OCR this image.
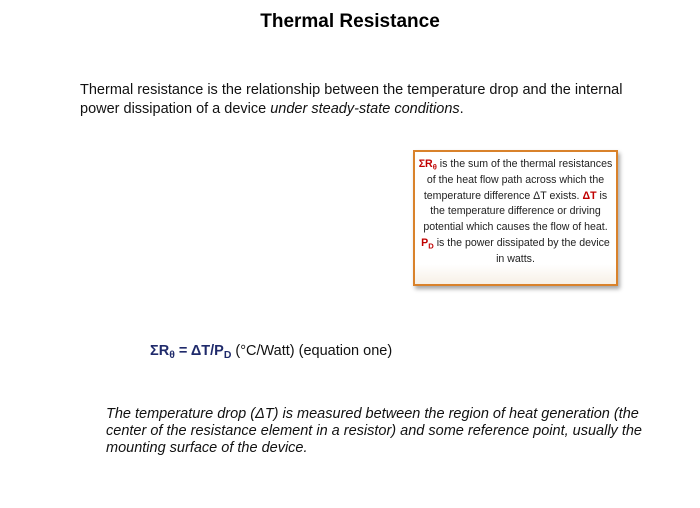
Thermal Resistance
Thermal resistance is the relationship between the temperature drop and the internal power dissipation of a device under steady-state conditions.
$\Sigma R_\theta$ is the sum of the thermal resistances of the heat flow path across which the temperature difference ΔT exists. ΔT is the temperature difference or driving potential which causes the flow of heat. $P_D$ is the power dissipated by the device in watts.
$\Sigma R_\theta = \Delta T/P_D$ (°C/Watt) (equation one)
The temperature drop (ΔT) is measured between the region of heat generation (the center of the resistance element in a resistor) and some reference point, usually the mounting surface of the device.
